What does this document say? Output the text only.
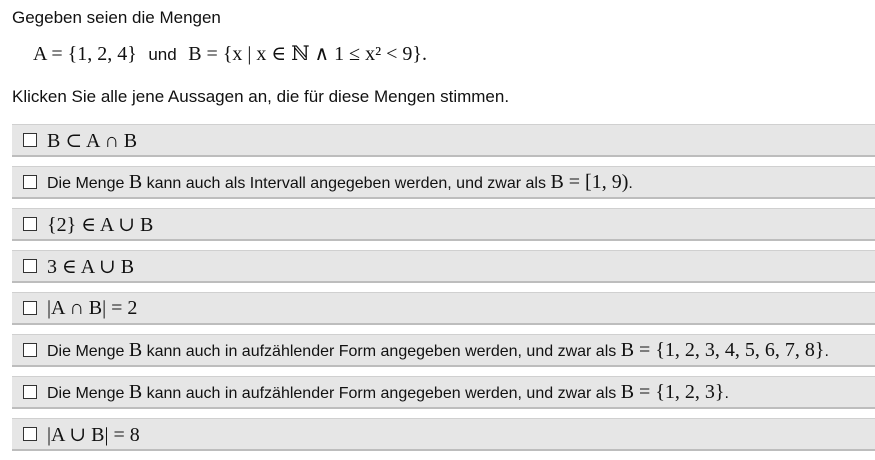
Gegeben seien die Mengen
A = {1, 2, 4} und B = {x | x ∈ ℕ ∧ 1 ≤ x² < 9}.
Klicken Sie alle jene Aussagen an, die für diese Mengen stimmen.
B ⊂ A ∩ B
Die Menge B kann auch als Intervall angegeben werden, und zwar als B = [1, 9).
{2} ∈ A ∪ B
3 ∈ A ∪ B
|A ∩ B| = 2
Die Menge B kann auch in aufzählender Form angegeben werden, und zwar als B = {1, 2, 3, 4, 5, 6, 7, 8}.
Die Menge B kann auch in aufzählender Form angegeben werden, und zwar als B = {1, 2, 3}.
|A ∪ B| = 8
